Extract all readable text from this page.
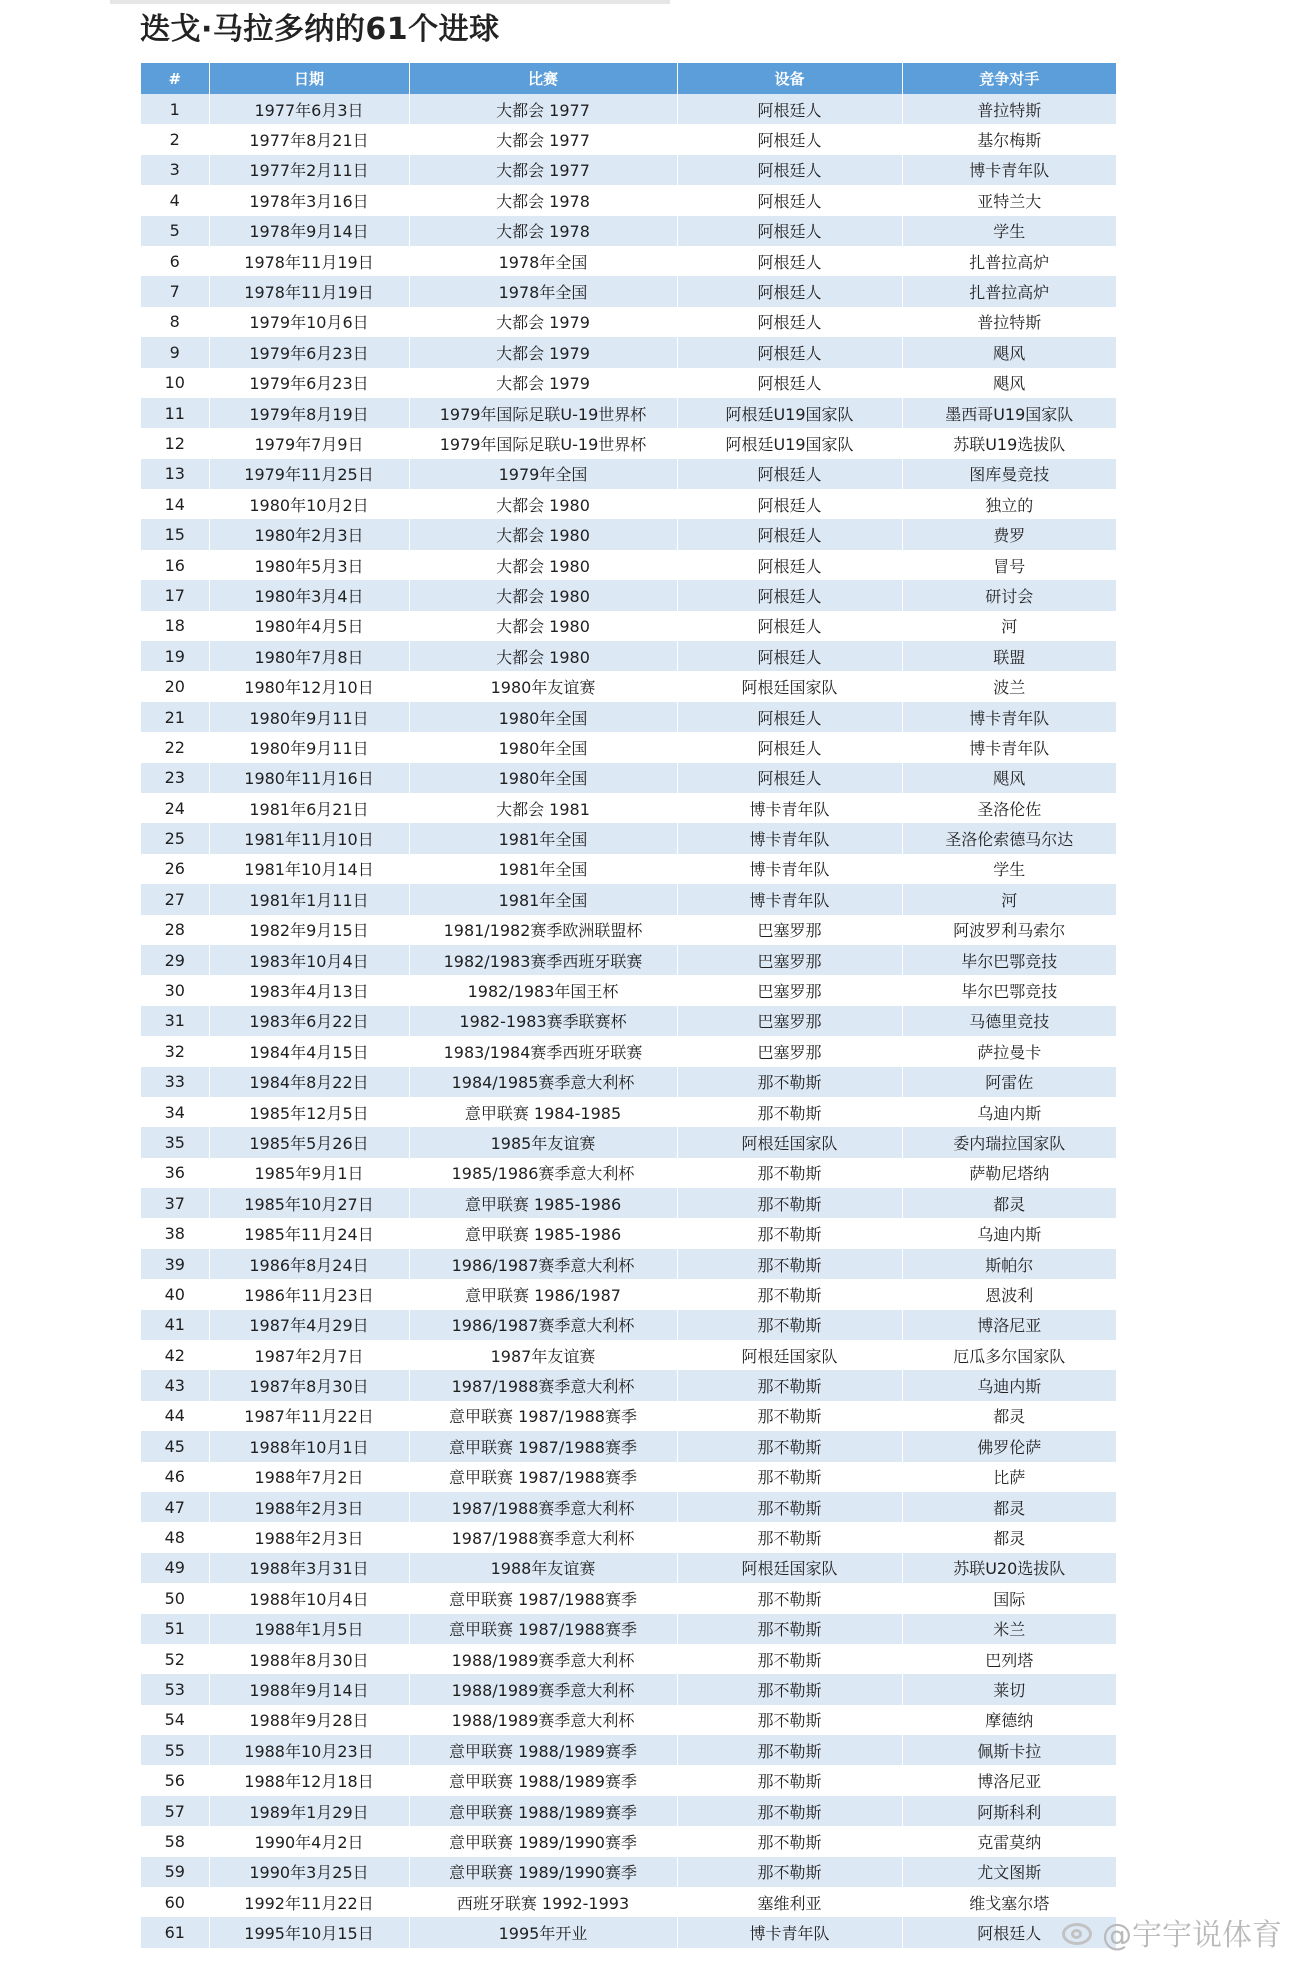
迭戈·马拉多纳的61个进球
#	日期	比赛	设备	竞争对手
1	1977年6月3日	大都会 1977	阿根廷人	普拉特斯
2	1977年8月21日	大都会 1977	阿根廷人	基尔梅斯
3	1977年2月11日	大都会 1977	阿根廷人	博卡青年队
4	1978年3月16日	大都会 1978	阿根廷人	亚特兰大
5	1978年9月14日	大都会 1978	阿根廷人	学生
6	1978年11月19日	1978年全国	阿根廷人	扎普拉高炉
7	1978年11月19日	1978年全国	阿根廷人	扎普拉高炉
8	1979年10月6日	大都会 1979	阿根廷人	普拉特斯
9	1979年6月23日	大都会 1979	阿根廷人	飓风
10	1979年6月23日	大都会 1979	阿根廷人	飓风
11	1979年8月19日	1979年国际足联U-19世界杯	阿根廷U19国家队	墨西哥U19国家队
12	1979年7月9日	1979年国际足联U-19世界杯	阿根廷U19国家队	苏联U19选拔队
13	1979年11月25日	1979年全国	阿根廷人	图库曼竞技
14	1980年10月2日	大都会 1980	阿根廷人	独立的
15	1980年2月3日	大都会 1980	阿根廷人	费罗
16	1980年5月3日	大都会 1980	阿根廷人	冒号
17	1980年3月4日	大都会 1980	阿根廷人	研讨会
18	1980年4月5日	大都会 1980	阿根廷人	河
19	1980年7月8日	大都会 1980	阿根廷人	联盟
20	1980年12月10日	1980年友谊赛	阿根廷国家队	波兰
21	1980年9月11日	1980年全国	阿根廷人	博卡青年队
22	1980年9月11日	1980年全国	阿根廷人	博卡青年队
23	1980年11月16日	1980年全国	阿根廷人	飓风
24	1981年6月21日	大都会 1981	博卡青年队	圣洛伦佐
25	1981年11月10日	1981年全国	博卡青年队	圣洛伦索德马尔达
26	1981年10月14日	1981年全国	博卡青年队	学生
27	1981年1月11日	1981年全国	博卡青年队	河
28	1982年9月15日	1981/1982赛季欧洲联盟杯	巴塞罗那	阿波罗利马索尔
29	1983年10月4日	1982/1983赛季西班牙联赛	巴塞罗那	毕尔巴鄂竞技
30	1983年4月13日	1982/1983年国王杯	巴塞罗那	毕尔巴鄂竞技
31	1983年6月22日	1982-1983赛季联赛杯	巴塞罗那	马德里竞技
32	1984年4月15日	1983/1984赛季西班牙联赛	巴塞罗那	萨拉曼卡
33	1984年8月22日	1984/1985赛季意大利杯	那不勒斯	阿雷佐
34	1985年12月5日	意甲联赛 1984-1985	那不勒斯	乌迪内斯
35	1985年5月26日	1985年友谊赛	阿根廷国家队	委内瑞拉国家队
36	1985年9月1日	1985/1986赛季意大利杯	那不勒斯	萨勒尼塔纳
37	1985年10月27日	意甲联赛 1985-1986	那不勒斯	都灵
38	1985年11月24日	意甲联赛 1985-1986	那不勒斯	乌迪内斯
39	1986年8月24日	1986/1987赛季意大利杯	那不勒斯	斯帕尔
40	1986年11月23日	意甲联赛 1986/1987	那不勒斯	恩波利
41	1987年4月29日	1986/1987赛季意大利杯	那不勒斯	博洛尼亚
42	1987年2月7日	1987年友谊赛	阿根廷国家队	厄瓜多尔国家队
43	1987年8月30日	1987/1988赛季意大利杯	那不勒斯	乌迪内斯
44	1987年11月22日	意甲联赛 1987/1988赛季	那不勒斯	都灵
45	1988年10月1日	意甲联赛 1987/1988赛季	那不勒斯	佛罗伦萨
46	1988年7月2日	意甲联赛 1987/1988赛季	那不勒斯	比萨
47	1988年2月3日	1987/1988赛季意大利杯	那不勒斯	都灵
48	1988年2月3日	1987/1988赛季意大利杯	那不勒斯	都灵
49	1988年3月31日	1988年友谊赛	阿根廷国家队	苏联U20选拔队
50	1988年10月4日	意甲联赛 1987/1988赛季	那不勒斯	国际
51	1988年1月5日	意甲联赛 1987/1988赛季	那不勒斯	米兰
52	1988年8月30日	1988/1989赛季意大利杯	那不勒斯	巴列塔
53	1988年9月14日	1988/1989赛季意大利杯	那不勒斯	莱切
54	1988年9月28日	1988/1989赛季意大利杯	那不勒斯	摩德纳
55	1988年10月23日	意甲联赛 1988/1989赛季	那不勒斯	佩斯卡拉
56	1988年12月18日	意甲联赛 1988/1989赛季	那不勒斯	博洛尼亚
57	1989年1月29日	意甲联赛 1988/1989赛季	那不勒斯	阿斯科利
58	1990年4月2日	意甲联赛 1989/1990赛季	那不勒斯	克雷莫纳
59	1990年3月25日	意甲联赛 1989/1990赛季	那不勒斯	尤文图斯
60	1992年11月22日	西班牙联赛 1992-1993	塞维利亚	维戈塞尔塔
61	1995年10月15日	1995年开业	博卡青年队	阿根廷人 @宇宇说体育
